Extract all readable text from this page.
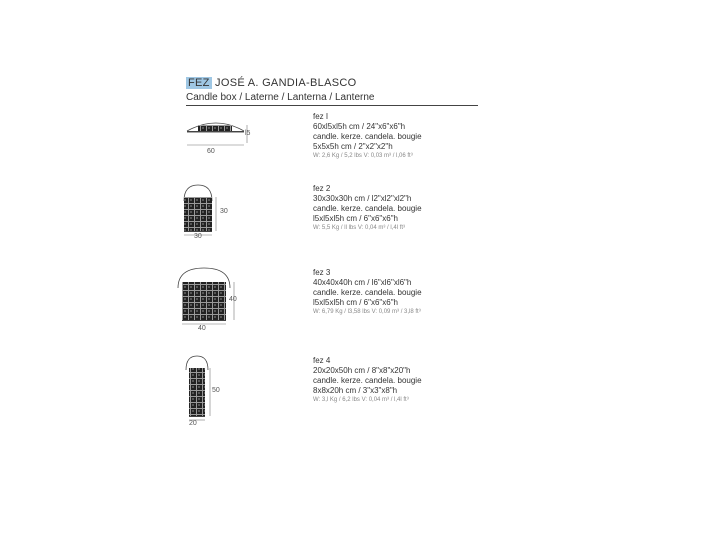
FEZ JOSÉ A. GANDIA-BLASCO
Candle box / Laterne / Lanterna / Lanterne
l5
60
fez I
60xl5xl5h cm / 24"x6"x6"h
candle. kerze. candela. bougie
5x5x5h cm / 2"x2"x2"h
W: 2,6 Kg / 5,2 lbs V: 0,03 m³ / l,06 ft³
30
30
fez 2
30x30x30h cm / l2"xl2"xl2"h
candle. kerze. candela. bougie
l5xl5xl5h cm / 6"x6"x6"h
W: 5,5 Kg / ll lbs V: 0,04 m³ / l,4l ft³
40
40
fez 3
40x40x40h cm / l6"xl6"xl6"h
candle. kerze. candela. bougie
l5xl5xl5h cm / 6"x6"x6"h
W: 6,79 Kg / l3,58 lbs V: 0,09 m³ / 3,l8 ft³
50
20
fez 4
20x20x50h cm / 8"x8"x20"h
candle. kerze. candela. bougie
8x8x20h cm / 3"x3"x8"h
W: 3,l Kg / 6,2 lbs V: 0,04 m³ / l,4l ft³
